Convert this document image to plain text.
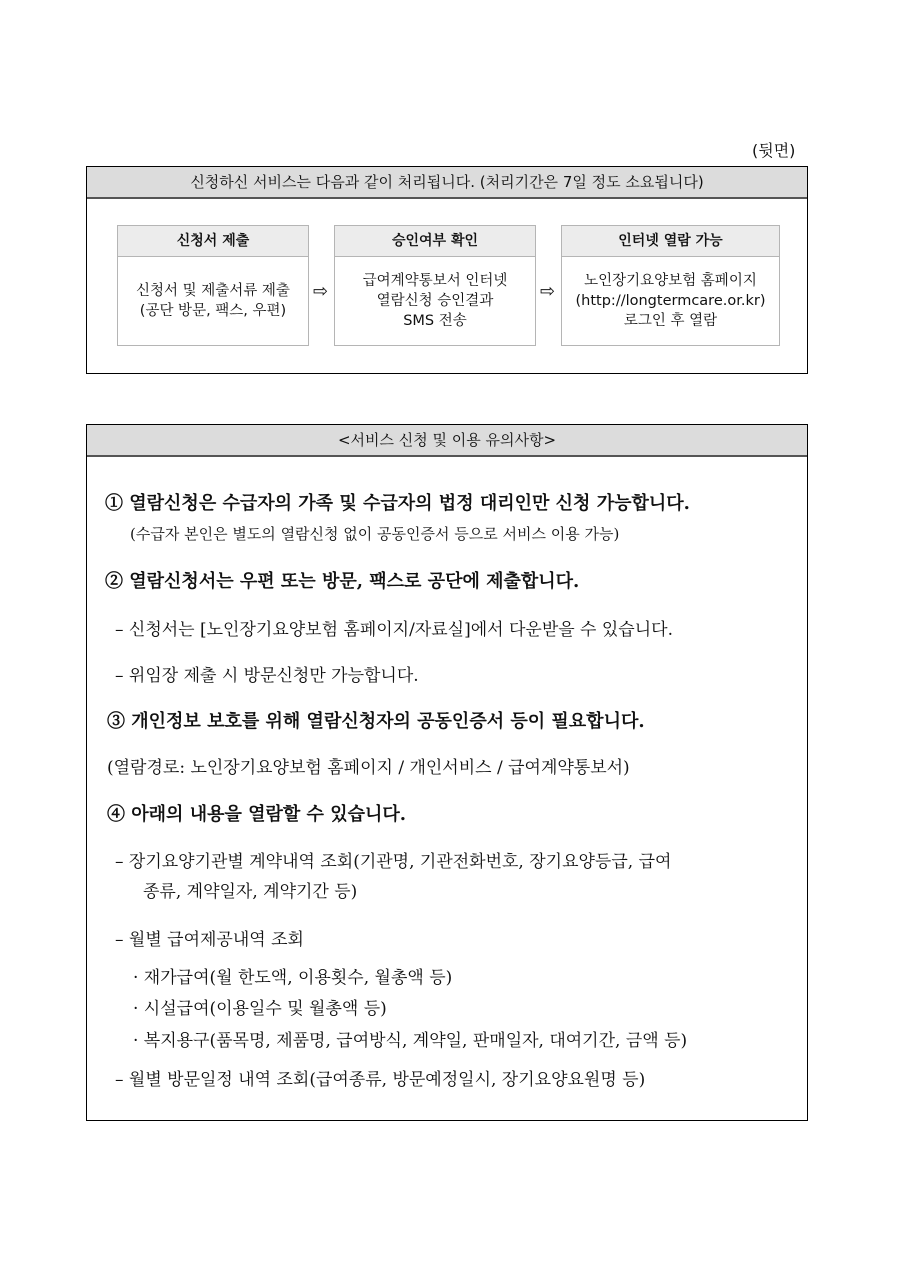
(뒷면)
신청하신 서비스는 다음과 같이 처리됩니다. (처리기간은 7일 정도 소요됩니다)
신청서 제출
신청서 및 제출서류 제출
(공단 방문, 팩스, 우편)
⇨
승인여부 확인
급여계약통보서 인터넷
열람신청 승인결과
SMS 전송
⇨
인터넷 열람 가능
노인장기요양보험 홈페이지
(http://longtermcare.or.kr)
로그인 후 열람
<서비스 신청 및 이용 유의사항>
① 열람신청은 수급자의 가족 및 수급자의 법정 대리인만 신청 가능합니다.
(수급자 본인은 별도의 열람신청 없이 공동인증서 등으로 서비스 이용 가능)
② 열람신청서는 우편 또는 방문, 팩스로 공단에 제출합니다.
– 신청서는 [노인장기요양보험 홈페이지/자료실]에서 다운받을 수 있습니다.
– 위임장 제출 시 방문신청만 가능합니다.
③ 개인정보 보호를 위해 열람신청자의 공동인증서 등이 필요합니다.
(열람경로: 노인장기요양보험 홈페이지 / 개인서비스 / 급여계약통보서)
④ 아래의 내용을 열람할 수 있습니다.
– 장기요양기관별 계약내역 조회(기관명, 기관전화번호, 장기요양등급, 급여
종류, 계약일자, 계약기간 등)
– 월별 급여제공내역 조회
· 재가급여(월 한도액, 이용횟수, 월총액 등)
· 시설급여(이용일수 및 월총액 등)
· 복지용구(품목명, 제품명, 급여방식, 계약일, 판매일자, 대여기간, 금액 등)
– 월별 방문일정 내역 조회(급여종류, 방문예정일시, 장기요양요원명 등)
